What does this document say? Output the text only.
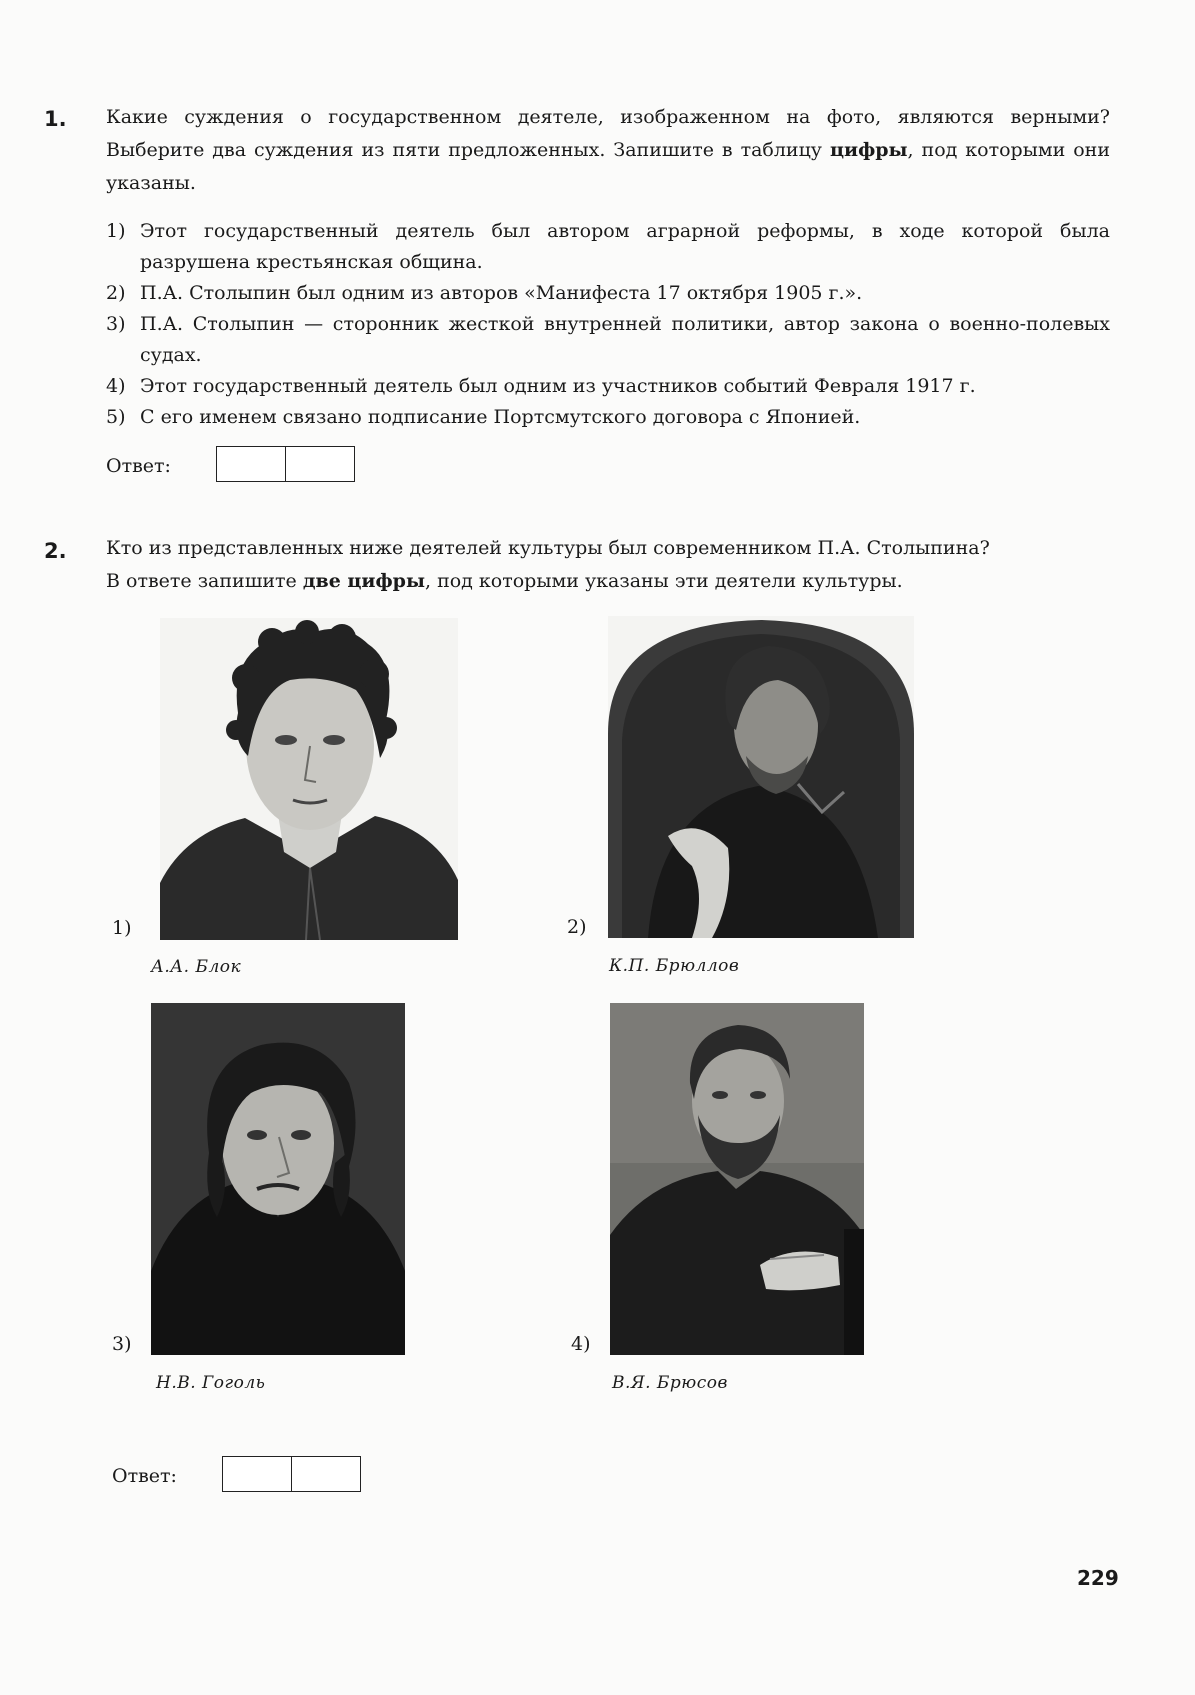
1. Какие суждения о государственном деятеле, изображенном на фото, являются верными? Выберите два суждения из пяти предложенных. Запишите в таблицу цифры, под которыми они указаны.
1) Этот государственный деятель был автором аграрной реформы, в ходе которой была разрушена крестьянская община.
2) П.А. Столыпин был одним из авторов «Манифеста 17 октября 1905 г.».
3) П.А. Столыпин — сторонник жесткой внутренней политики, автор закона о военно-полевых судах.
4) Этот государственный деятель был одним из участников событий Февраля 1917 г.
5) С его именем связано подписание Портсмутского договора с Японией.
Ответ:
2. Кто из представленных ниже деятелей культуры был современником П.А. Столыпина?
В ответе запишите две цифры, под которыми указаны эти деятели культуры.
1)
А.А. Блок
2)
К.П. Брюллов
3)
Н.В. Гоголь
4)
В.Я. Брюсов
Ответ:
229
